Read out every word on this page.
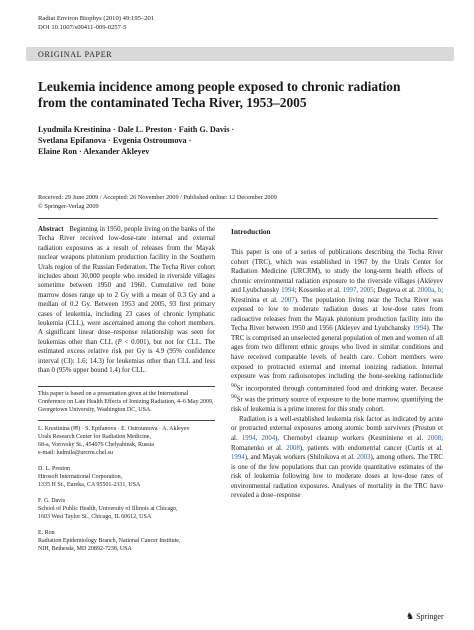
Radiat Environ Biophys (2010) 49:195–201
DOI 10.1007/s00411-009-0257-5
ORIGINAL PAPER
Leukemia incidence among people exposed to chronic radiation
from the contaminated Techa River, 1953–2005
Lyudmila Krestinina · Dale L. Preston · Faith G. Davis ·
Svetlana Epifanova · Evgenia Ostroumova ·
Elaine Ron · Alexander Akleyev
Received: 29 June 2009 / Accepted: 26 November 2009 / Published online: 12 December 2009
© Springer-Verlag 2009

Abstract Beginning in 1950, people living on the banks of the Techa River received low-dose-rate internal and external radiation exposures as a result of releases from the Mayak nuclear weapons plutonium production facility in the Southern Urals region of the Russian Federation. The Techa River cohort includes about 30,000 people who resided in riverside villages sometime between 1950 and 1960. Cumulative red bone marrow doses range up to 2 Gy with a mean of 0.3 Gy and a median of 0.2 Gy. Between 1953 and 2005, 93 first primary cases of leukemia, including 23 cases of chronic lymphatic leukemia (CLL), were ascertained among the cohort members. A significant linear dose–response relationship was seen for leukemias other than CLL (P < 0.001), but not for CLL. The estimated excess relative risk per Gy is 4.9 (95% confidence interval (CI): 1.6; 14.3) for leukemias other than CLL and less than 0 (95% upper bound 1.4) for CLL.

This paper is based on a presentation given at the International Conference on Late Health Effects of Ionizing Radiation, 4–6 May 2009, Georgetown University, Washington DC, USA.

L. Krestinina (✉) · S. Epifanova · E. Ostroumova · A. Akleyev

Urals Research Center for Radiation Medicine,

68-a, Vorovsky St., 454076 Chelyabinsk, Russia

e-mail: ludmila@urcrm.chel.su

D. L. Preston

Hirosoft International Corporation,

1335 H St., Eureka, CA 95501-2331, USA

F. G. Davis

School of Public Health, University of Illinois at Chicago,

1603 West Taylor St., Chicago, IL 60612, USA

E. Ron

Radiation Epidemiology Branch, National Cancer Institute,

NIH, Bethesda, MD 20892-7238, USA

Introduction

This paper is one of a series of publications describing the Techa River cohort (TRC), which was established in 1967 by the Urals Center for Radiation Medicine (URCRM), to study the long-term health effects of chronic environmental radiation exposure to the riverside villages (Akleyev and Lyubchansky 1994; Kossenko et al. 1997, 2005; Degteva et al. 2000a, b; Krestinina et al. 2007). The population living near the Techa River was exposed to low to moderate radiation doses at low-dose rates from radioactive releases from the Mayak plutonium production facility into the Techa River between 1950 and 1956 (Akleyev and Lyubchansky 1994). The TRC is comprised an unselected general population of men and women of all ages from two different ethnic groups who lived in similar conditions and have received comparable levels of health care. Cohort members were exposed to protracted external and internal ionizing radiation. Internal exposure was from radioisotopes including the bone-seeking radionuclide $^{90}$Sr incorporated through contaminated food and drinking water. Because $^{90}$Sr was the primary source of exposure to the bone marrow, quantifying the risk of leukemia is a prime interest for this study cohort.

Radiation is a well-established leukemia risk factor as indicated by acute or protracted external exposures among atomic bomb survivors (Preston et al. 1994, 2004), Chernobyl cleanup workers (Kesminiene et al. 2008; Romanenko et al. 2008), patients with endometrial cancer (Curtis et al. 1994), and Mayak workers (Shilnikova et al. 2003), among others. The TRC is one of the few populations that can provide quantitative estimates of the risk of leukemia following low to moderate doses at low-dose rates of environmental radiation exposures. Analyses of mortality in the TRC have revealed a dose–response

♞ Springer
